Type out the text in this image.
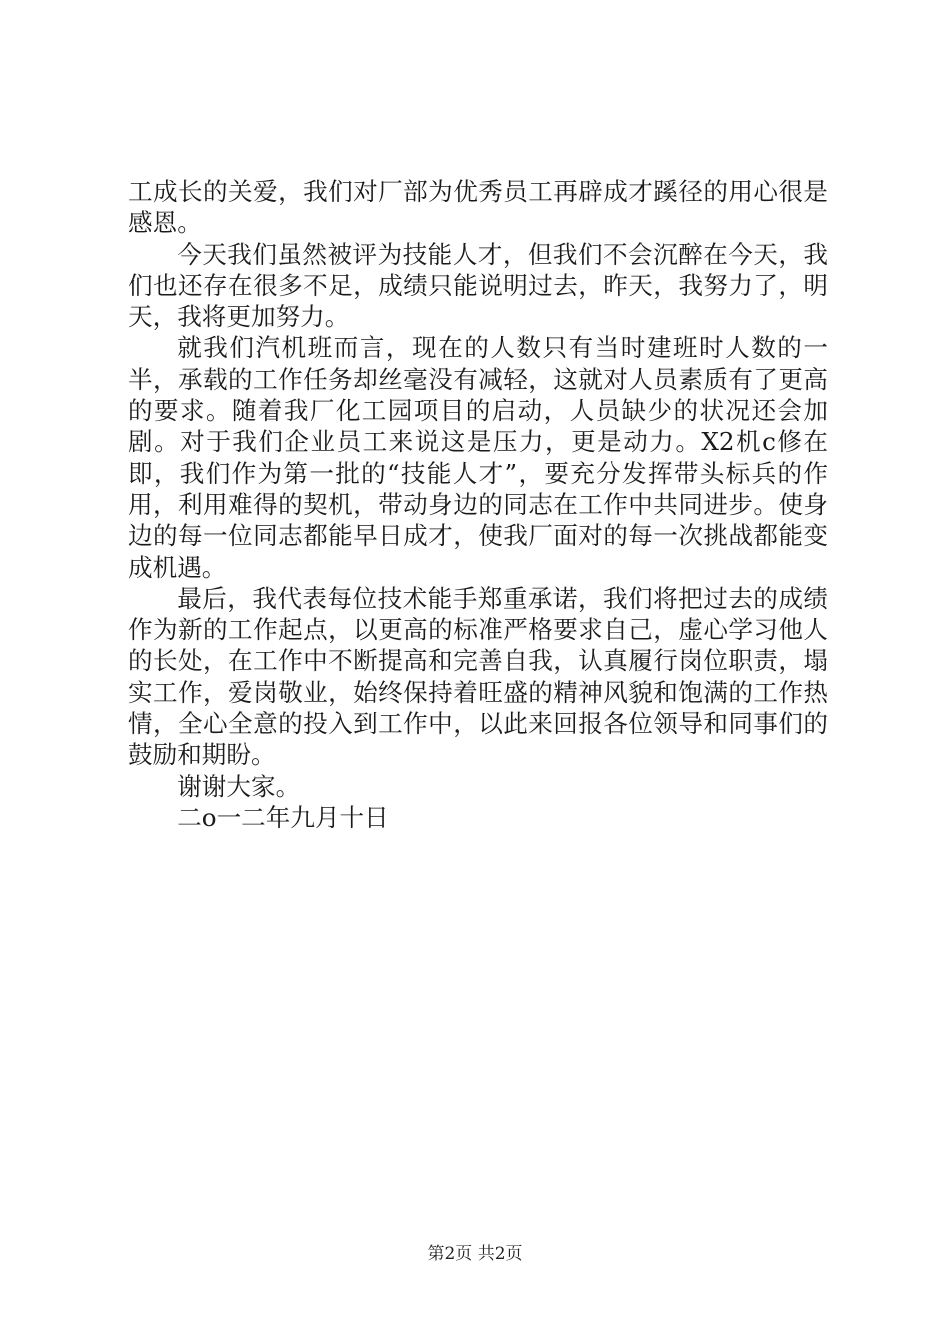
工成长的关爱，我们对厂部为优秀员工再辟成才蹊径的用心很是感恩。

今天我们虽然被评为技能人才，但我们不会沉醉在今天，我们也还存在很多不足，成绩只能说明过去，昨天，我努力了，明天，我将更加努力。

就我们汽机班而言，现在的人数只有当时建班时人数的一半，承载的工作任务却丝毫没有减轻，这就对人员素质有了更高的要求。随着我厂化工园项目的启动，人员缺少的状况还会加剧。对于我们企业员工来说这是压力，更是动力。X2机c修在即，我们作为第一批的“技能人才”，要充分发挥带头标兵的作用，利用难得的契机，带动身边的同志在工作中共同进步。使身边的每一位同志都能早日成才，使我厂面对的每一次挑战都能变成机遇。

最后，我代表每位技术能手郑重承诺，我们将把过去的成绩作为新的工作起点，以更高的标准严格要求自己，虚心学习他人的长处，在工作中不断提高和完善自我，认真履行岗位职责，塌实工作，爱岗敬业，始终保持着旺盛的精神风貌和饱满的工作热情，全心全意的投入到工作中，以此来回报各位领导和同事们的鼓励和期盼。

谢谢大家。

二o一二年九月十日

第2页 共2页
